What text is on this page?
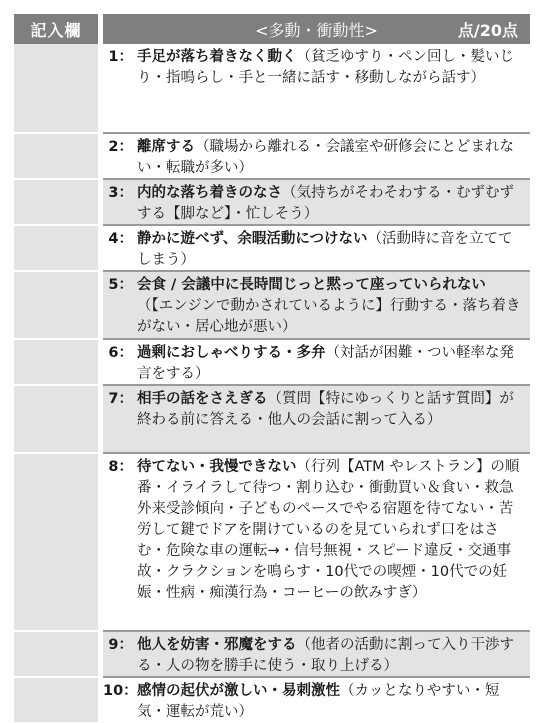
記入欄	<多動・衝動性>	点/20点
1： 手足が落ち着きなく動く（貧乏ゆすり・ペン回し・髪いじり・指鳴らし・手と一緒に話す・移動しながら話す）
2： 離席する（職場から離れる・会議室や研修会にとどまれない・転職が多い）
3： 内的な落ち着きのなさ（気持ちがそわそわする・むずむずする【脚など】・忙しそう）
4： 静かに遊べず、余暇活動につけない（活動時に音を立ててしまう）
5： 会食 / 会議中に長時間じっと黙って座っていられない（【エンジンで動かされているように】行動する・落ち着きがない・居心地が悪い）
6： 過剰におしゃべりする・多弁（対話が困難・つい軽率な発言をする）
7： 相手の話をさえぎる（質問【特にゆっくりと話す質問】が終わる前に答える・他人の会話に割って入る）
8： 待てない・我慢できない（行列【ATM やレストラン】の順番・イライラして待つ・割り込む・衝動買い＆食い・救急外来受診傾向・子どものペースでやる宿題を待てない・苦労して鍵でドアを開けているのを見ていられず口をはさむ・危険な車の運転→・信号無視・スピード違反・交通事故・クラクションを鳴らす・10代での喫煙・10代での妊娠・性病・痴漢行為・コーヒーの飲みすぎ）
9： 他人を妨害・邪魔をする（他者の活動に割って入り干渉する・人の物を勝手に使う・取り上げる）
10： 感情の起伏が激しい・易刺激性（カッとなりやすい・短気・運転が荒い）
